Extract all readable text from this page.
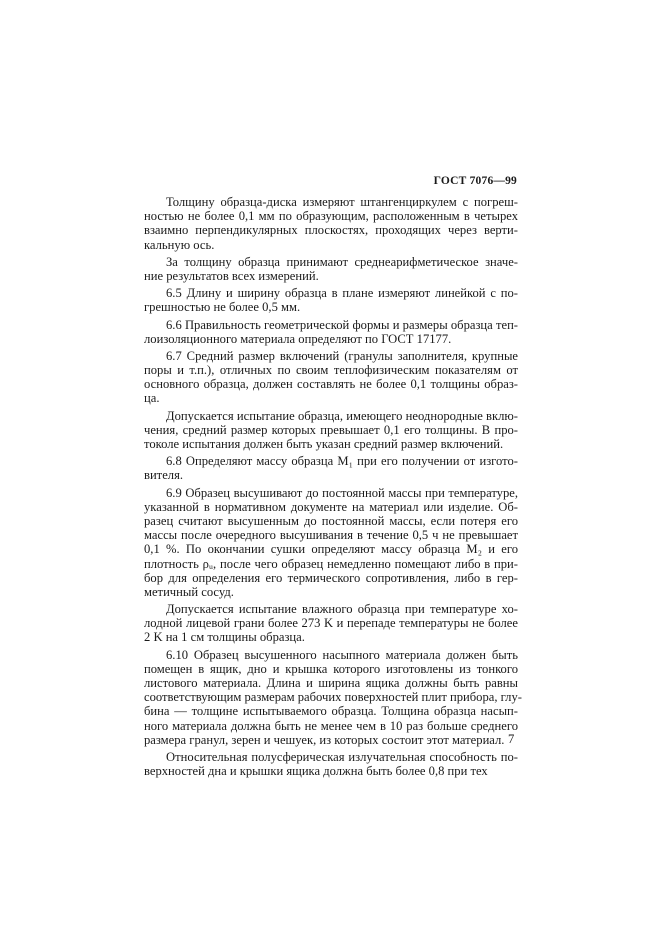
ГОСТ 7076—99
Толщину образца-диска измеряют штангенциркулем с погреш-
ностью не более 0,1 мм по образующим, расположенным в четырех
взаимно перпендикулярных плоскостях, проходящих через верти-
кальную ось.
За толщину образца принимают среднеарифметическое значе-
ние результатов всех измерений.
6.5 Длину и ширину образца в плане измеряют линейкой с по-
грешностью не более 0,5 мм.
6.6 Правильность геометрической формы и размеры образца теп-
лоизоляционного материала определяют по ГОСТ 17177.
6.7 Средний размер включений (гранулы заполнителя, крупные
поры и т.п.), отличных по своим теплофизическим показателям от
основного образца, должен составлять не более 0,1 толщины образ-
ца.
Допускается испытание образца, имеющего неоднородные вклю-
чения, средний размер которых превышает 0,1 его толщины. В про-
токоле испытания должен быть указан средний размер включений.
6.8 Определяют массу образца M₁ при его получении от изгото-
вителя.
6.9 Образец высушивают до постоянной массы при температуре,
указанной в нормативном документе на материал или изделие. Об-
разец считают высушенным до постоянной массы, если потеря его
массы после очередного высушивания в течение 0,5 ч не превышает
0,1 %. По окончании сушки определяют массу образца M₂ и его
плотность ρᵤ, после чего образец немедленно помещают либо в при-
бор для определения его термического сопротивления, либо в гер-
метичный сосуд.
Допускается испытание влажного образца при температуре хо-
лодной лицевой грани более 273 K и перепаде температуры не более
2 K на 1 см толщины образца.
6.10 Образец высушенного насыпного материала должен быть
помещен в ящик, дно и крышка которого изготовлены из тонкого
листового материала. Длина и ширина ящика должны быть равны
соответствующим размерам рабочих поверхностей плит прибора, глу-
бина — толщине испытываемого образца. Толщина образца насып-
ного материала должна быть не менее чем в 10 раз больше среднего
размера гранул, зерен и чешуек, из которых состоит этот материал.
Относительная полусферическая излучательная способность по-
верхностей дна и крышки ящика должна быть более 0,8 при тех
7
